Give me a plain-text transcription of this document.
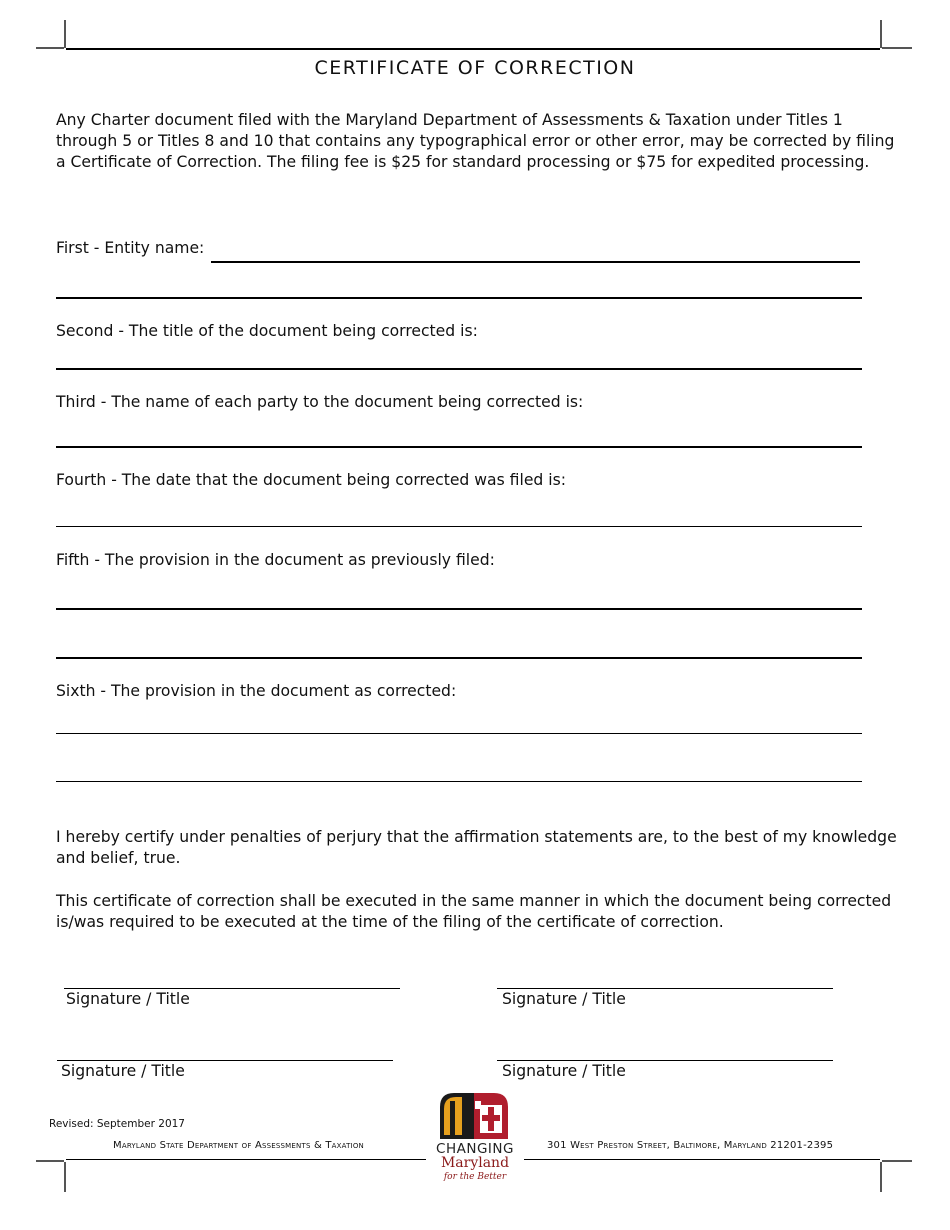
CERTIFICATE OF CORRECTION
Any Charter document filed with the Maryland Department of Assessments & Taxation under Titles 1 through 5 or Titles 8 and 10 that contains any typographical error or other error, may be corrected by filing a Certificate of Correction. The filing fee is $25 for standard processing or $75 for expedited processing.
First - Entity name:
Second - The title of the document being corrected is:
Third - The name of each party to the document being corrected is:
Fourth - The date that the document being corrected was filed is:
Fifth - The provision in the document as previously filed:
Sixth - The provision in the document as corrected:
I hereby certify under penalties of perjury that the affirmation statements are, to the best of my knowledge and belief, true.
This certificate of correction shall be executed in the same manner in which the document being corrected is/was required to be executed at the time of the filing of the certificate of correction.
Signature / Title	Signature / Title
Signature / Title	Signature / Title
Revised: September 2017
Maryland State Department of Assessments & Taxation	301 West Preston Street, Baltimore, Maryland 21201-2395
CHANGING
Maryland
for the Better
